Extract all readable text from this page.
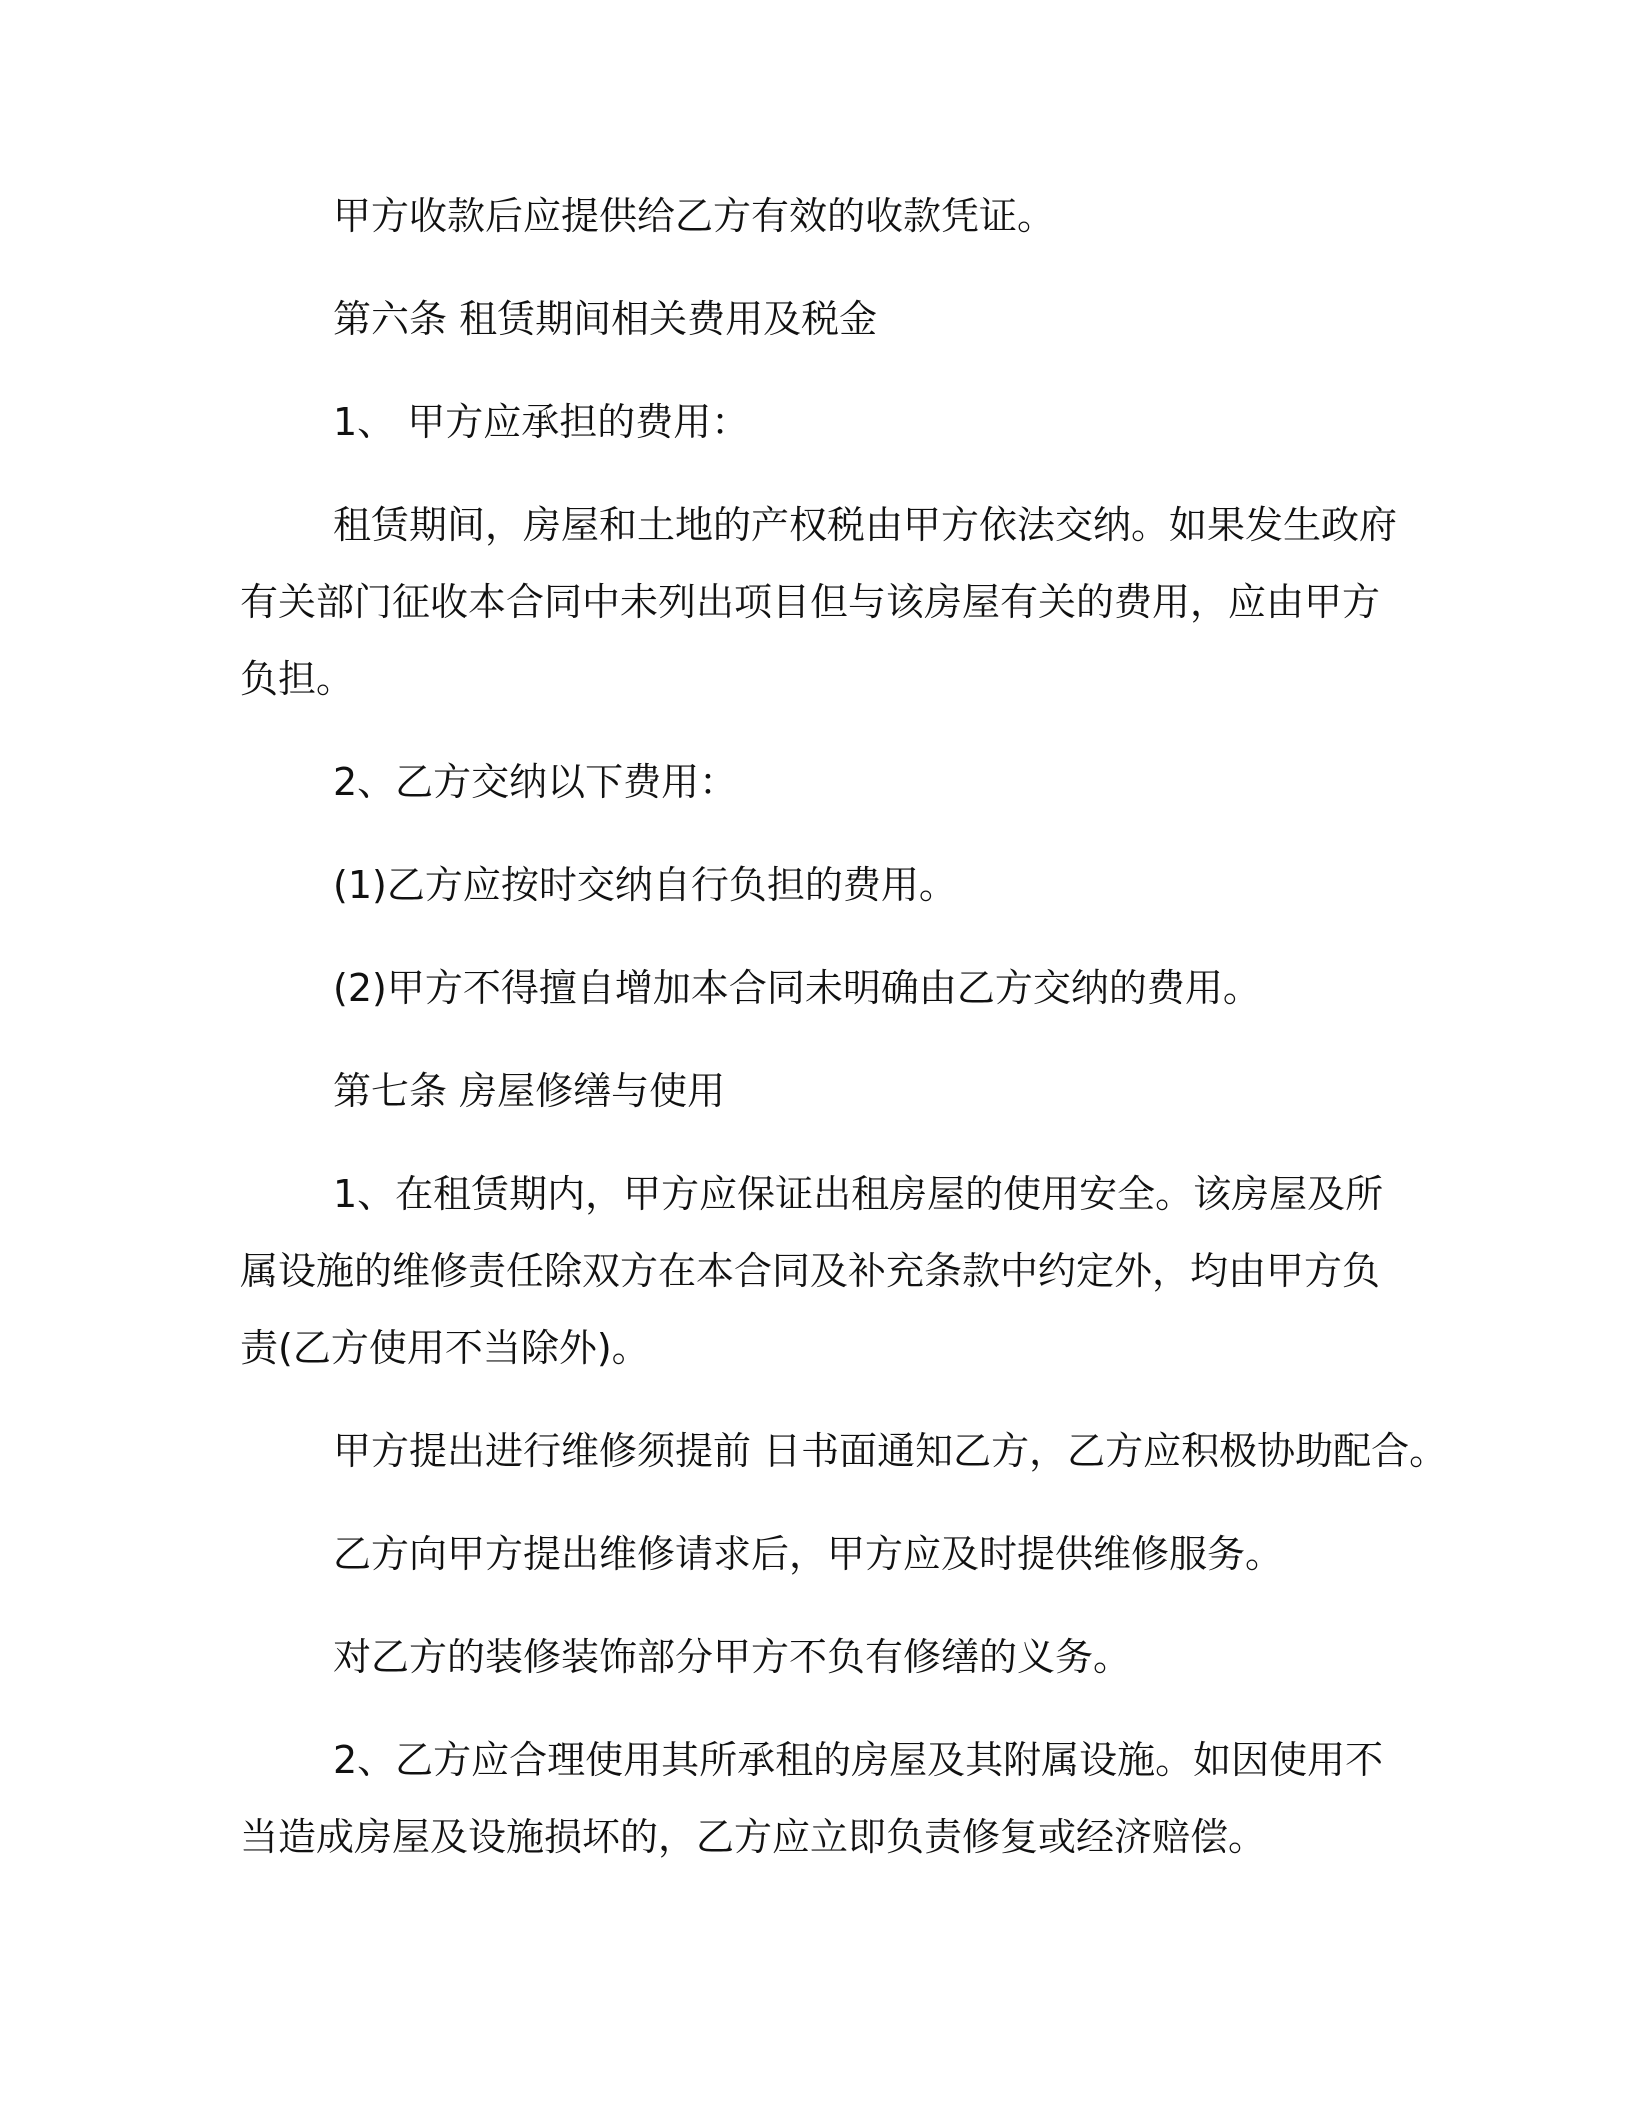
甲方收款后应提供给乙方有效的收款凭证。
第六条 租赁期间相关费用及税金
1、 甲方应承担的费用：
租赁期间，房屋和土地的产权税由甲方依法交纳。如果发生政府
有关部门征收本合同中未列出项目但与该房屋有关的费用，应由甲方
负担。
2、乙方交纳以下费用：
(1)乙方应按时交纳自行负担的费用。
(2)甲方不得擅自增加本合同未明确由乙方交纳的费用。
第七条 房屋修缮与使用
1、在租赁期内，甲方应保证出租房屋的使用安全。该房屋及所
属设施的维修责任除双方在本合同及补充条款中约定外，均由甲方负
责(乙方使用不当除外)。
甲方提出进行维修须提前 日书面通知乙方，乙方应积极协助配合。
乙方向甲方提出维修请求后，甲方应及时提供维修服务。
对乙方的装修装饰部分甲方不负有修缮的义务。
2、乙方应合理使用其所承租的房屋及其附属设施。如因使用不
当造成房屋及设施损坏的，乙方应立即负责修复或经济赔偿。
